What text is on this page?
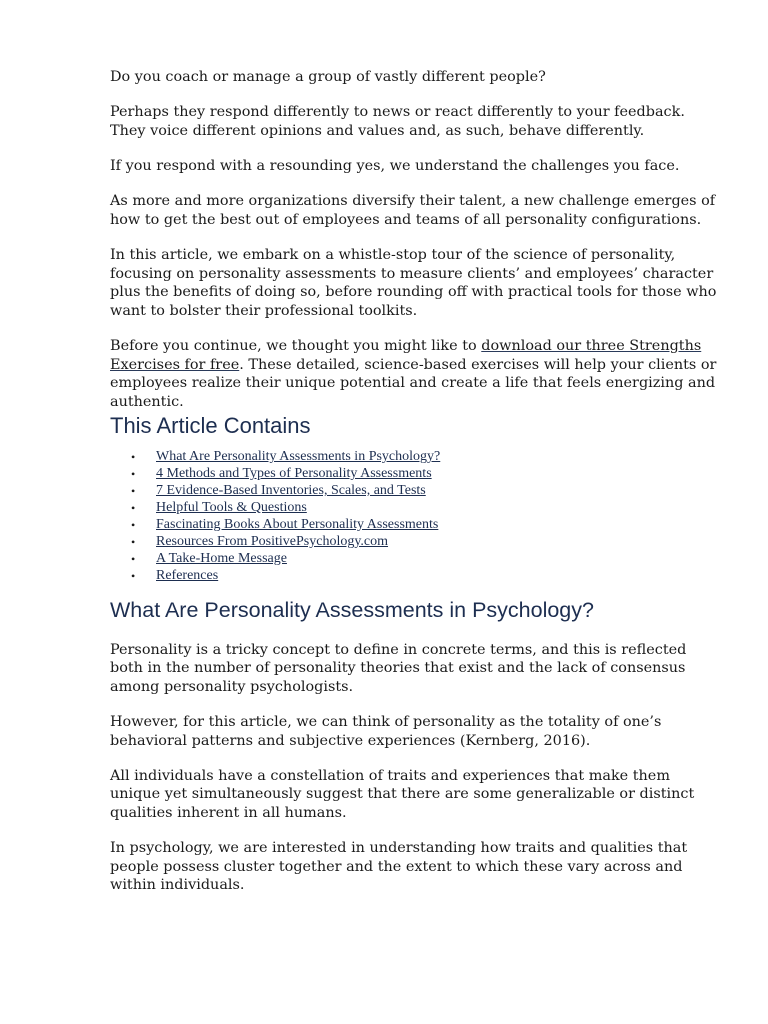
Do you coach or manage a group of vastly different people?

Perhaps they respond differently to news or react differently to your feedback. They voice different opinions and values and, as such, behave differently.

If you respond with a resounding yes, we understand the challenges you face.

As more and more organizations diversify their talent, a new challenge emerges of how to get the best out of employees and teams of all personality configurations.

In this article, we embark on a whistle-stop tour of the science of personality, focusing on personality assessments to measure clients’ and employees’ character plus the benefits of doing so, before rounding off with practical tools for those who want to bolster their professional toolkits.

Before you continue, we thought you might like to download our three Strengths Exercises for free. These detailed, science-based exercises will help your clients or employees realize their unique potential and create a life that feels energizing and authentic.

This Article Contains
• What Are Personality Assessments in Psychology?
• 4 Methods and Types of Personality Assessments
• 7 Evidence-Based Inventories, Scales, and Tests
• Helpful Tools & Questions
• Fascinating Books About Personality Assessments
• Resources From PositivePsychology.com
• A Take-Home Message
• References
What Are Personality Assessments in Psychology?

Personality is a tricky concept to define in concrete terms, and this is reflected both in the number of personality theories that exist and the lack of consensus among personality psychologists.

However, for this article, we can think of personality as the totality of one’s behavioral patterns and subjective experiences (Kernberg, 2016).

All individuals have a constellation of traits and experiences that make them unique yet simultaneously suggest that there are some generalizable or distinct qualities inherent in all humans.

In psychology, we are interested in understanding how traits and qualities that people possess cluster together and the extent to which these vary across and within individuals.
